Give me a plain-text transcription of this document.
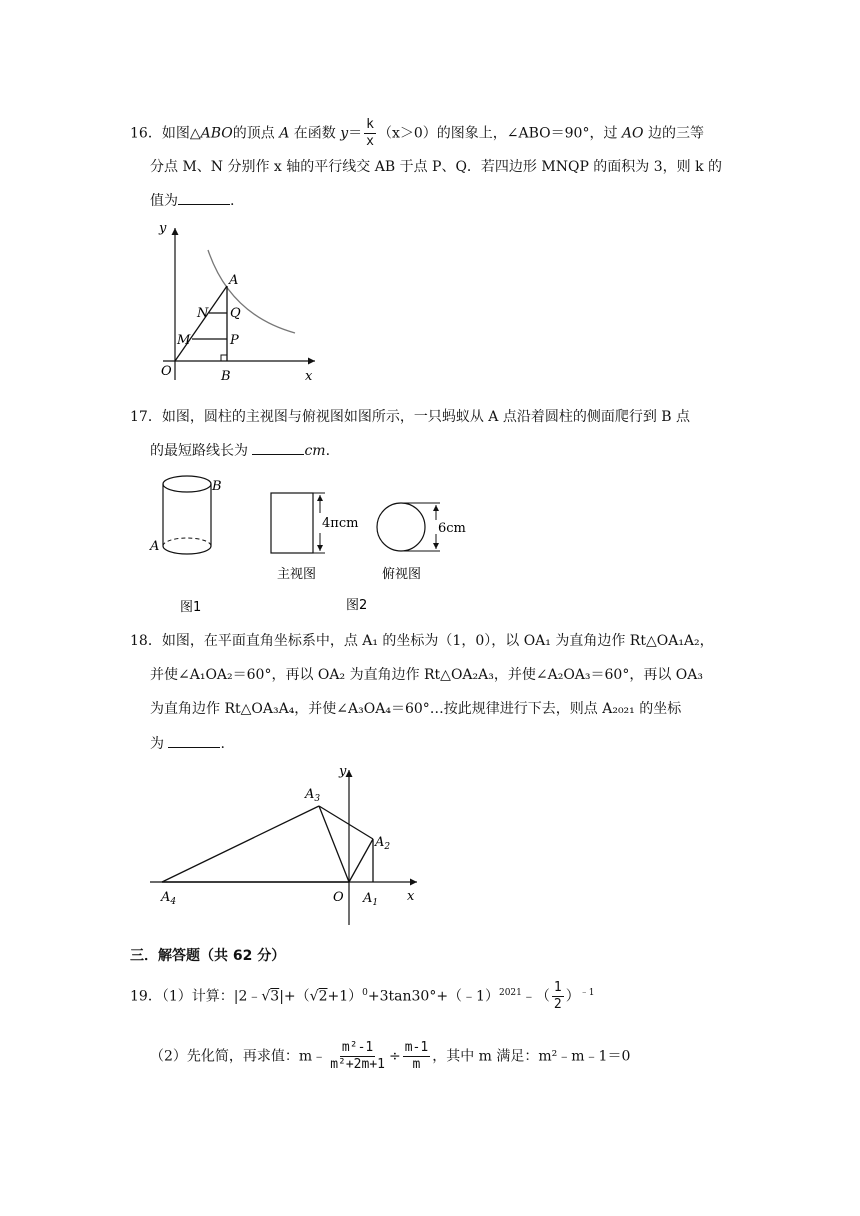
16．如图△ABO的顶点 A 在函数 $y= \frac{k}{x} (x>0)$的图象上，∠ABO＝90°，过 AO 边的三等
分点 M、N 分别作 x 轴的平行线交 AB 于点 P、Q．若四边形 MNQP 的面积为 3，则 k 的
值为	.
y
x
O
A
B
N Q
M	P
17．如图，圆柱的主视图与俯视图如图所示，一只蚂蚁从 A 点沿着圆柱的侧面爬行到 B 点
的最短路线长为	cm.
B
A
4πcm	6cm
主视图	俯视图
图1	图2
18．如图，在平面直角坐标系中，点 A₁ 的坐标为（1，0），以 OA₁ 为直角边作 Rt△OA₁A₂，
并使∠A₁OA₂＝60°，再以 OA₂ 为直角边作 Rt△OA₂A₃，并使∠A₂OA₃＝60°，再以 OA₃
为直角边作 Rt△OA₃A₄，并使∠A₃OA₄＝60°…按此规律进行下去，则点 A₂₀₂₁ 的坐标
为	.
y
x
O $A_1$
$A_2$
$A_3$
$A_4$
三．解答题（共 62 分）
19．（1）计算：$|2﹣√3|+(√2+1)^0+3\tan 30^\circ+(﹣1)^{2021}﹣( \frac{1}{2} )^{﹣1}$
（2）先化简，再求值：m﹣ $\frac{\text{m²-1}}{\text{m²+2m+1}} \div \frac{m-1}{m}$ ，其中 m 满足：m²﹣m﹣1＝0
